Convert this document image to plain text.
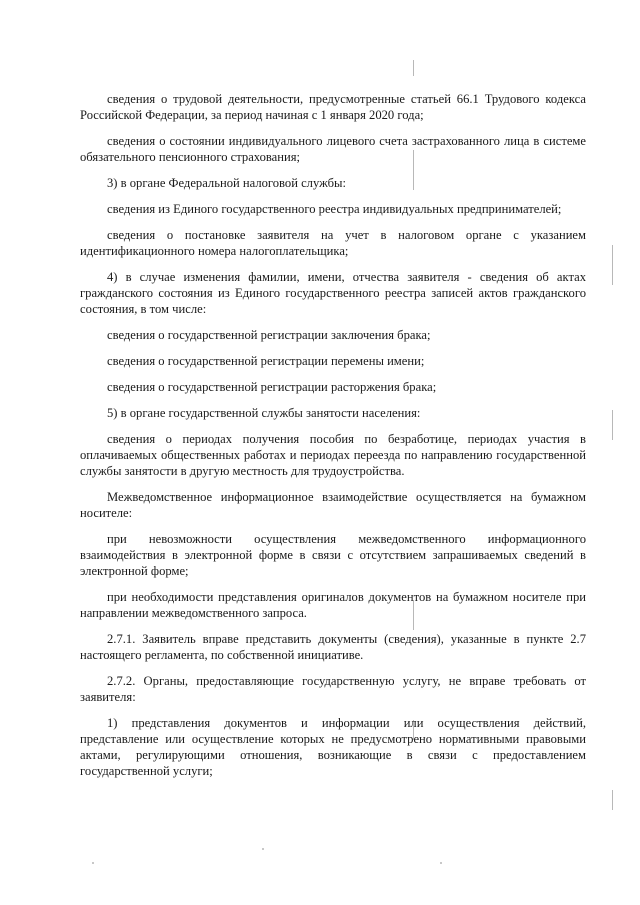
сведения о трудовой деятельности, предусмотренные статьей 66.1 Трудового кодекса Российской Федерации, за период начиная с 1 января 2020 года;

сведения о состоянии индивидуального лицевого счета застрахованного лица в системе обязательного пенсионного страхования;

3) в органе Федеральной налоговой службы:

сведения из Единого государственного реестра индивидуальных предпринимателей;

сведения о постановке заявителя на учет в налоговом органе с указанием идентификационного номера налогоплательщика;

4) в случае изменения фамилии, имени, отчества заявителя - сведения об актах гражданского состояния из Единого государственного реестра записей актов гражданского состояния, в том числе:

сведения о государственной регистрации заключения брака;

сведения о государственной регистрации перемены имени;

сведения о государственной регистрации расторжения брака;

5) в органе государственной службы занятости населения:

сведения о периодах получения пособия по безработице, периодах участия в оплачиваемых общественных работах и периодах переезда по направлению государственной службы занятости в другую местность для трудоустройства.

Межведомственное информационное взаимодействие осуществляется на бумажном носителе:

при невозможности осуществления межведомственного информационного взаимодействия в электронной форме в связи с отсутствием запрашиваемых сведений в электронной форме;

при необходимости представления оригиналов документов на бумажном носителе при направлении межведомственного запроса.

2.7.1. Заявитель вправе представить документы (сведения), указанные в пункте 2.7 настоящего регламента, по собственной инициативе.

2.7.2. Органы, предоставляющие государственную услугу, не вправе требовать от заявителя:

1) представления документов и информации или осуществления действий, представление или осуществление которых не предусмотрено нормативными правовыми актами, регулирующими отношения, возникающие в связи с предоставлением государственной услуги;
